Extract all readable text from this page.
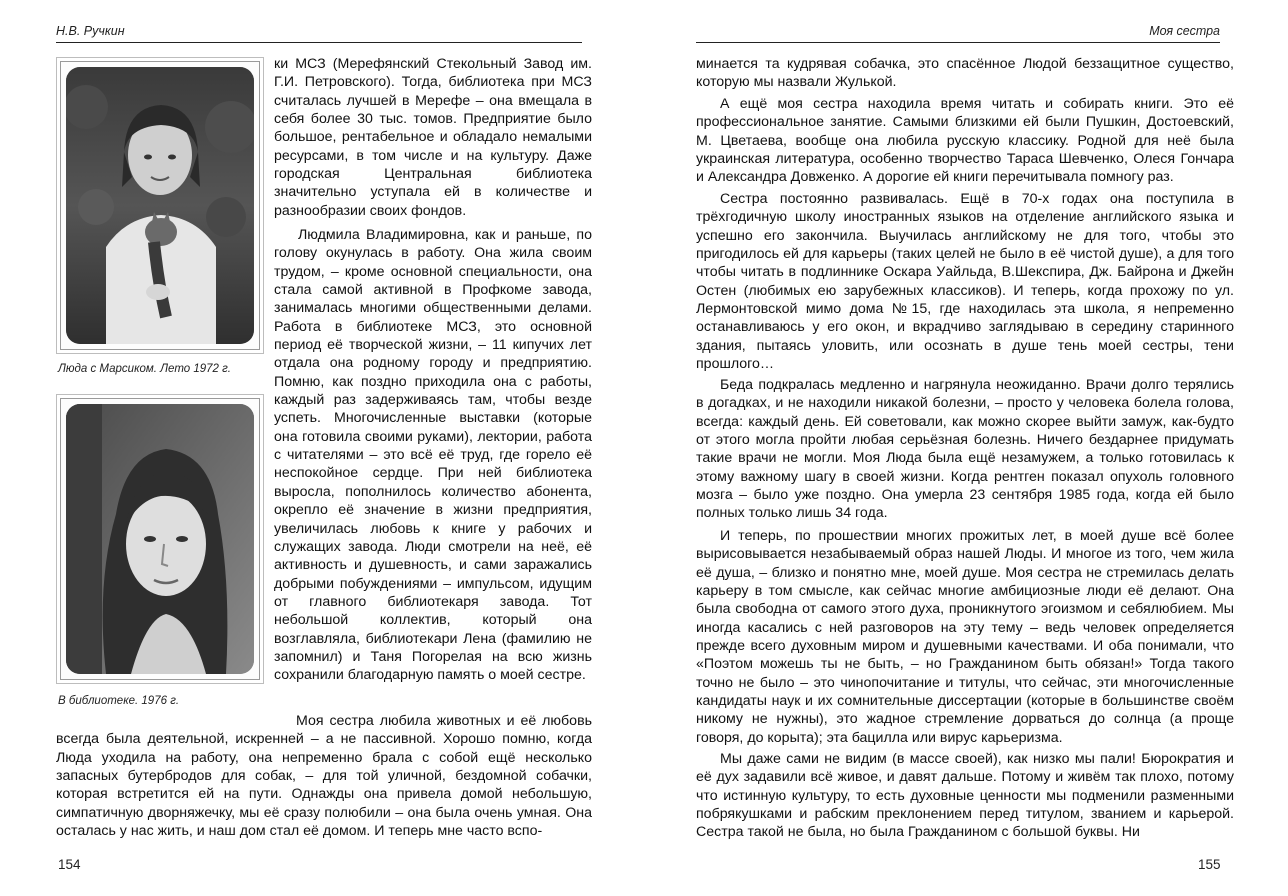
Н.В. Ручкин
Люда с Марсиком. Лето 1972 г.
В библиотеке. 1976 г.

ки МСЗ (Мерефянский Стекольный Завод им. Г.И. Петровского). Тогда, библиотека при МСЗ считалась лучшей в Мерефе – она вмещала в себя более 30 тыс. томов. Предприятие было большое, рентабельное и обладало немалыми ресурсами, в том числе и на культуру. Даже городская Центральная библиотека значительно уступала ей в количестве и разнообразии своих фондов.

Людмила Владимировна, как и раньше, по голову окунулась в работу. Она жила своим трудом, – кроме основной специальности, она стала самой активной в Профкоме завода, занималась многими общественными делами. Работа в библиотеке МСЗ, это основной период её творческой жизни, – 11 кипучих лет отдала она родному городу и предприятию. Помню, как поздно приходила она с работы, каждый раз задерживаясь там, чтобы везде успеть. Многочисленные выставки (которые она готовила своими руками), лектории, работа с читателями – это всё её труд, где горело её неспокойное сердце. При ней библиотека выросла, пополнилось количество абонента, окрепло её значение в жизни предприятия, увеличилась любовь к книге у рабочих и служащих завода. Люди смотрели на неё, её активность и душевность, и сами заражались добрыми побуждениями – импульсом, идущим от главного библиотекаря завода. Тот небольшой коллектив, который она возглавляла, библиотекари Лена (фамилию не запомнил) и Таня Погорелая на всю жизнь сохранили благодарную память о моей сестре.

Моя сестра любила животных и её любовь всегда была деятельной, искренней – а не пассивной. Хорошо помню, когда Люда уходила на работу, она непременно брала с собой ещё несколько запасных бутербродов для собак, – для той уличной, бездомной собачки, которая встретится ей на пути. Однажды она привела домой небольшую, симпатичную дворняжечку, мы её сразу полюбили – она была очень умная. Она осталась у нас жить, и наш дом стал её домом. И теперь мне часто вспо-

154
Моя сестра

минается та кудрявая собачка, это спасённое Людой беззащитное существо, которую мы назвали Жулькой.

А ещё моя сестра находила время читать и собирать книги. Это её профессиональное занятие. Самыми близкими ей были Пушкин, Достоевский, М. Цветаева, вообще она любила русскую классику. Родной для неё была украинская литература, особенно творчество Тараса Шевченко, Олеся Гончара и Александра Довженко. А дорогие ей книги перечитывала помногу раз.

Сестра постоянно развивалась. Ещё в 70-х годах она поступила в трёхгодичную школу иностранных языков на отделение английского языка и успешно его закончила. Выучилась английскому не для того, чтобы это пригодилось ей для карьеры (таких целей не было в её чистой душе), а для того чтобы читать в подлиннике Оскара Уайльда, В.Шекспира, Дж. Байрона и Джейн Остен (любимых ею зарубежных классиков). И теперь, когда прохожу по ул. Лермонтовской мимо дома №15, где находилась эта школа, я непременно останавливаюсь у его окон, и вкрадчиво заглядываю в середину старинного здания, пытаясь уловить, или осознать в душе тень моей сестры, тени прошлого…

Беда подкралась медленно и нагрянула неожиданно. Врачи долго терялись в догадках, и не находили никакой болезни, – просто у человека болела голова, всегда: каждый день. Ей советовали, как можно скорее выйти замуж, как-будто от этого могла пройти любая серьёзная болезнь. Ничего бездарнее придумать такие врачи не могли. Моя Люда была ещё незамужем, а только готовилась к этому важному шагу в своей жизни. Когда рентген показал опухоль головного мозга – было уже поздно. Она умерла 23 сентября 1985 года, когда ей было полных только лишь 34 года.

И теперь, по прошествии многих прожитых лет, в моей душе всё более вырисовывается незабываемый образ нашей Люды. И многое из того, чем жила её душа, – близко и понятно мне, моей душе. Моя сестра не стремилась делать карьеру в том смысле, как сейчас многие амбициозные люди её делают. Она была свободна от самого этого духа, проникнутого эгоизмом и себялюбием. Мы иногда касались с ней разговоров на эту тему – ведь человек определяется прежде всего духовным миром и душевными качествами. И оба понимали, что «Поэтом можешь ты не быть, – но Гражданином быть обязан!» Тогда такого точно не было – это чинопочитание и титулы, что сейчас, эти многочисленные кандидаты наук и их сомнительные диссертации (которые в большинстве своём никому не нужны), это жадное стремление дорваться до солнца (а проще говоря, до корыта); эта бацилла или вирус карьеризма.

Мы даже сами не видим (в массе своей), как низко мы пали! Бюрократия и её дух задавили всё живое, и давят дальше. Потому и живём так плохо, потому что истинную культуру, то есть духовные ценности мы подменили разменными побрякушками и рабским преклонением перед титулом, званием и карьерой. Сестра такой не была, но была Гражданином с большой буквы. Ни

155
